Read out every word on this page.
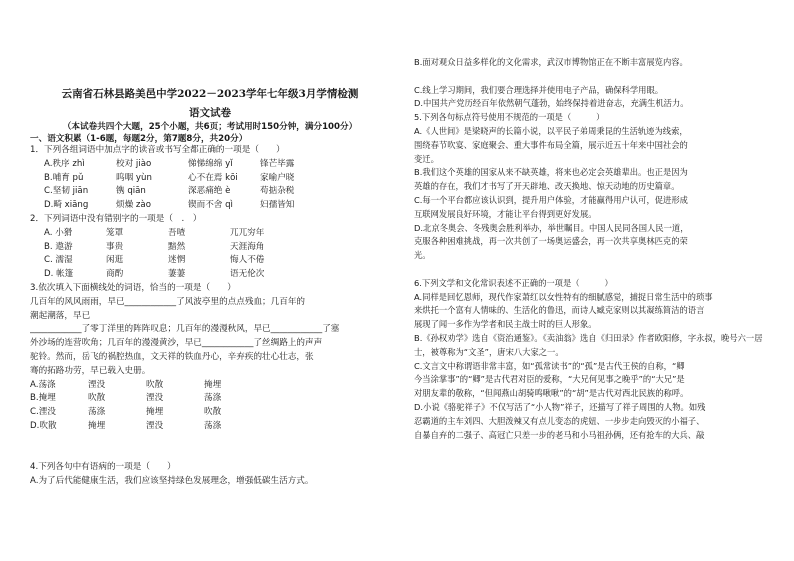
云南省石林县路美邑中学2022－2023学年七年级3月学情检测
语文试卷
（本试卷共四个大题，25个小题，共6页；考试用时150分钟，满分100分）
一、语文积累（1-6题，每题2分，第7题8分，共20分）
1．下列各组词语中加点字的读音或书写全都正确的一项是（　　）
A.秩序 zhì	校对 jiào	悌悌绵绵 yǐ	锋芒毕露
B.哺育 pǔ	呜咽 yùn	心不在焉 kōi	家喻户晓
C.坚韧 jiān	镌 qiān	深恶痛绝 è	苟掂杂税
D.畸 xiāng	烦燥 zào	锲而不舍 qì	妇孺皆知
2．下列词语中没有错别字的一项是（　.　）
A. 小猾	笼罩	吾喳	兀兀穷年
B. 遨游	事贵	黯然	天涯海角
C. 濡湿	闲逛	迷惘	悔人不倦
D. 帐篷	商酌	萋萋	语无伦次
3.依次填入下面横线处的词语，恰当的一项是（　　）
几百年的风风雨雨，早已____________了风波亭里的点点残血；几百年的
潮起潮落，早已
____________了零丁洋里的阵阵叹息；几百年的漫漫秋风，早已____________了塞
外沙场的连营吹角；几百年的漫漫黄沙，早已____________了丝绸路上的声声
驼铃。然而，岳飞的祸腔热血，文天祥的铁血丹心，辛弃疾的壮心壮志，张
骞的拓路功劳，早已载入史册。
A.荡涤	湮没	吹散	掩埋
B.掩埋	吹散	湮没	荡涤
C.湮没	荡涤	掩埋	吹散
D.吹散	掩埋	湮没	荡涤
4.下列各句中有语病的一项是（　　）
A.为了后代能健康生活，我们应该坚持绿色发展理念，增强低碳生活方式。
B.面对观众日益多样化的文化需求，武汉市博物馆正在不断丰富展览内容。
C.线上学习期间，我们要合理选择并使用电子产品，确保科学用眼。
D.中国共产党历经百年依然朝气蓬勃，始终保持着进奋志，充满生机活力。
5.下列各句标点符号使用不规范的一项是（　　　）
A.《人世间》是梁晓声的长篇小说，以平民子弟周秉昆的生活轨迹为线索，
围绕春节吹宴、家庭聚会、重大事件布局全篇，展示近五十年来中国社会的
变迁。
B.我们这个英雄的国家从来不缺英雄，将来也必定会英雄辈出。也正是因为
英雄的存在，我们才书写了开天辟地、改天换地、惊天动地的历史篇章。
C.每一个平台都应该认识到，提升用户体验，才能赢得用户认可，促进形成
互联网发展良好环境，才能让平台得到更好发展。
D.北京冬奥会、冬残奥会胜利举办，举世瞩目。中国人民同各国人民一道，
克服各种困难挑战，再一次共创了一场奥运盛会，再一次共享奥林匹克的荣
光。
6.下列文学和文化常识表述不正确的一项是（　　　）
A.同样是回忆恩师，现代作家萧红以女性特有的细腻感觉，捕捉日常生活中的琐事
来烘托一个富有人情味的、生活化的鲁迅，而诗人臧克家则以其凝练简洁的语言
展现了闻一多作为学者和民主战士时的巨人形象。
B.《孙权劝学》选自《资治通鉴》。《卖油翁》选自《归田录》作者欧阳修，字永叔，晚号六一居
士，被尊称为“文圣”，唐宋八大家之一。
C.文言文中称谓语非常丰富，如“孤常读书”的“孤”是古代王侯的自称，“卿
今当涂掌事”的“卿”是古代君对臣的爱称，“大兄何见事之晚乎”的“大兄”是
对朋友辈的敬称，“但闻燕山胡骑鸣啾啾”的“胡”是古代对西北民族的称呼。
D.小说《骆驼祥子》不仅写活了“小人物”祥子，还描写了祥子周围的人物。如残
忍霸道的主车刘四、大胆泼辣又有点儿变态的虎妞、一步步走向毁灭的小福子、
自暴自弃的二强子、高冠亡只差一步的老马和小马祖孙俩，还有抢车的大兵、敲
